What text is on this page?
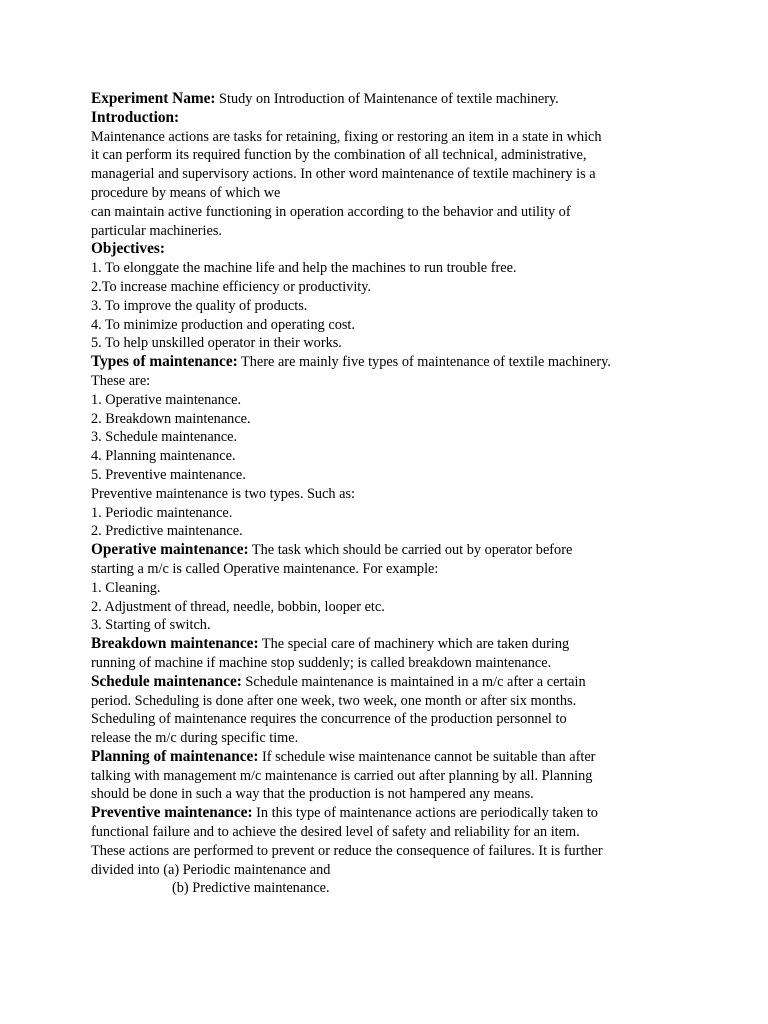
Experiment Name: Study on Introduction of Maintenance of textile machinery.
Introduction:
Maintenance actions are tasks for retaining, fixing or restoring an item in a state in which
it can perform its required function by the combination of all technical, administrative,
managerial and supervisory actions. In other word maintenance of textile machinery is a
procedure by means of which we
can maintain active functioning in operation according to the behavior and utility of
particular machineries.
Objectives:
1. To elonggate the machine life and help the machines to run trouble free.
2.To increase machine efficiency or productivity.
3. To improve the quality of products.
4. To minimize production and operating cost.
5. To help unskilled operator in their works.
Types of maintenance: There are mainly five types of maintenance of textile machinery.
These are:
1. Operative maintenance.
2. Breakdown maintenance.
3. Schedule maintenance.
4. Planning maintenance.
5. Preventive maintenance.
Preventive maintenance is two types. Such as:
1. Periodic maintenance.
2. Predictive maintenance.
Operative maintenance: The task which should be carried out by operator before
starting a m/c is called Operative maintenance. For example:
1. Cleaning.
2. Adjustment of thread, needle, bobbin, looper etc.
3. Starting of switch.
Breakdown maintenance: The special care of machinery which are taken during
running of machine if machine stop suddenly; is called breakdown maintenance.
Schedule maintenance: Schedule maintenance is maintained in a m/c after a certain
period. Scheduling is done after one week, two week, one month or after six months.
Scheduling of maintenance requires the concurrence of the production personnel to
release the m/c during specific time.
Planning of maintenance: If schedule wise maintenance cannot be suitable than after
talking with management m/c maintenance is carried out after planning by all. Planning
should be done in such a way that the production is not hampered any means.
Preventive maintenance: In this type of maintenance actions are periodically taken to
functional failure and to achieve the desired level of safety and reliability for an item.
These actions are performed to prevent or reduce the consequence of failures. It is further
divided into (a) Periodic maintenance and
(b) Predictive maintenance.
